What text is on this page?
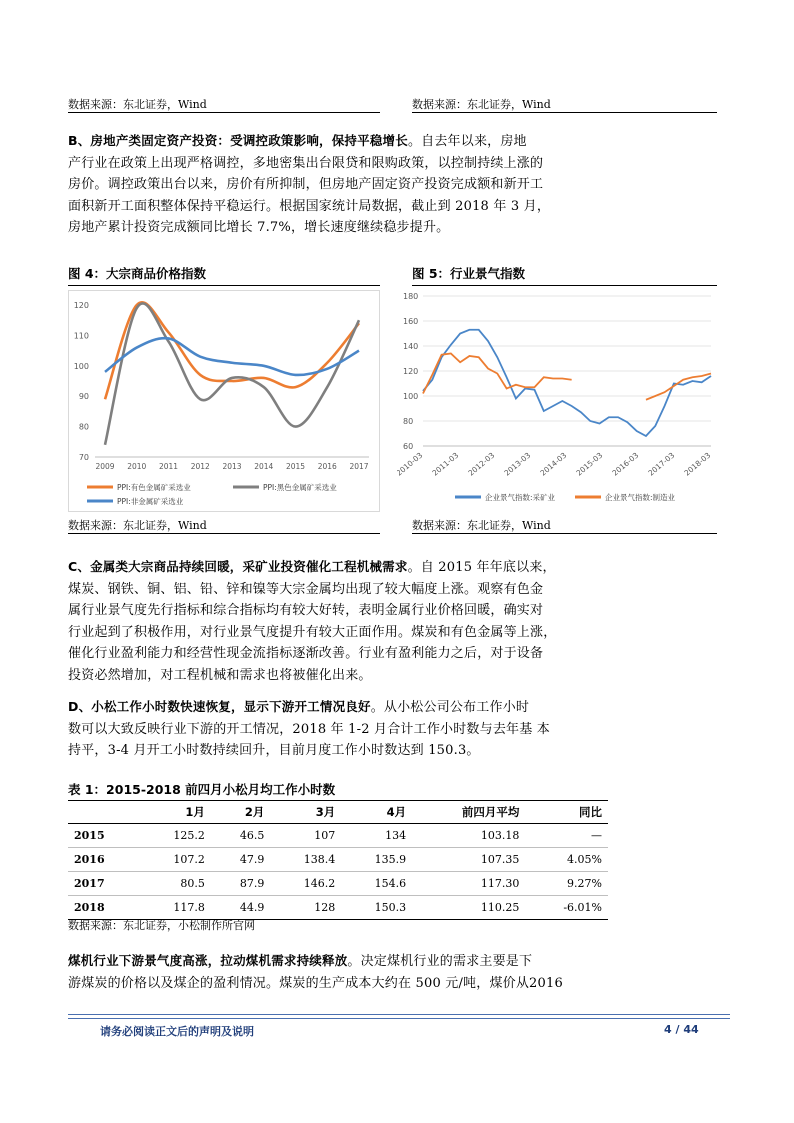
数据来源：东北证券，Wind	数据来源：东北证券，Wind
B、房地产类固定资产投资：受调控政策影响，保持平稳增长。自去年以来，房地
产行业在政策上出现严格调控，多地密集出台限贷和限购政策，以控制持续上涨的
房价。调控政策出台以来，房价有所抑制，但房地产固定资产投资完成额和新开工
面积新开工面积整体保持平稳运行。根据国家统计局数据，截止到 2018 年 3 月，
房地产累计投资完成额同比增长 7.7%，增长速度继续稳步提升。
图 4：大宗商品价格指数
120
110
100
90
80
70
2009 2010 2011 2012 2013 2014 2015 2016 2017
PPI:有色金属矿采选业	PPI:黑色金属矿采选业
PPI:非金属矿采选业
数据来源：东北证券，Wind
图 5：行业景气指数
180
160
140
120
100
80
60
2010-03 2011-03 2012-03 2013-03 2014-03 2015-03 2016-03 2017-03 2018-03
企业景气指数:采矿业	企业景气指数:制造业
数据来源：东北证券，Wind
C、金属类大宗商品持续回暖，采矿业投资催化工程机械需求。自 2015 年年底以来，
煤炭、钢铁、铜、铝、铅、锌和镍等大宗金属均出现了较大幅度上涨。观察有色金
属行业景气度先行指标和综合指标均有较大好转，表明金属行业价格回暖，确实对
行业起到了积极作用，对行业景气度提升有较大正面作用。煤炭和有色金属等上涨，
催化行业盈利能力和经营性现金流指标逐渐改善。行业有盈利能力之后，对于设备
投资必然增加，对工程机械和需求也将被催化出来。
D、小松工作小时数快速恢复，显示下游开工情况良好。从小松公司公布工作小时
数可以大致反映行业下游的开工情况，2018 年 1-2 月合计工作小时数与去年基 本
持平，3-4 月开工小时数持续回升，目前月度工作小时数达到 150.3。
表 1：2015-2018 前四月小松月均工作小时数
	1月	2月	3月	4月	前四月平均	同比
2015	125.2	46.5	107	134	103.18	—
2016	107.2	47.9	138.4	135.9	107.35	4.05%
2017	80.5	87.9	146.2	154.6	117.30	9.27%
2018	117.8	44.9	128	150.3	110.25	-6.01%
数据来源：东北证券，小松制作所官网
煤机行业下游景气度高涨，拉动煤机需求持续释放。决定煤机行业的需求主要是下
游煤炭的价格以及煤企的盈利情况。煤炭的生产成本大约在 500 元/吨，煤价从2016
请务必阅读正文后的声明及说明	4 / 44
